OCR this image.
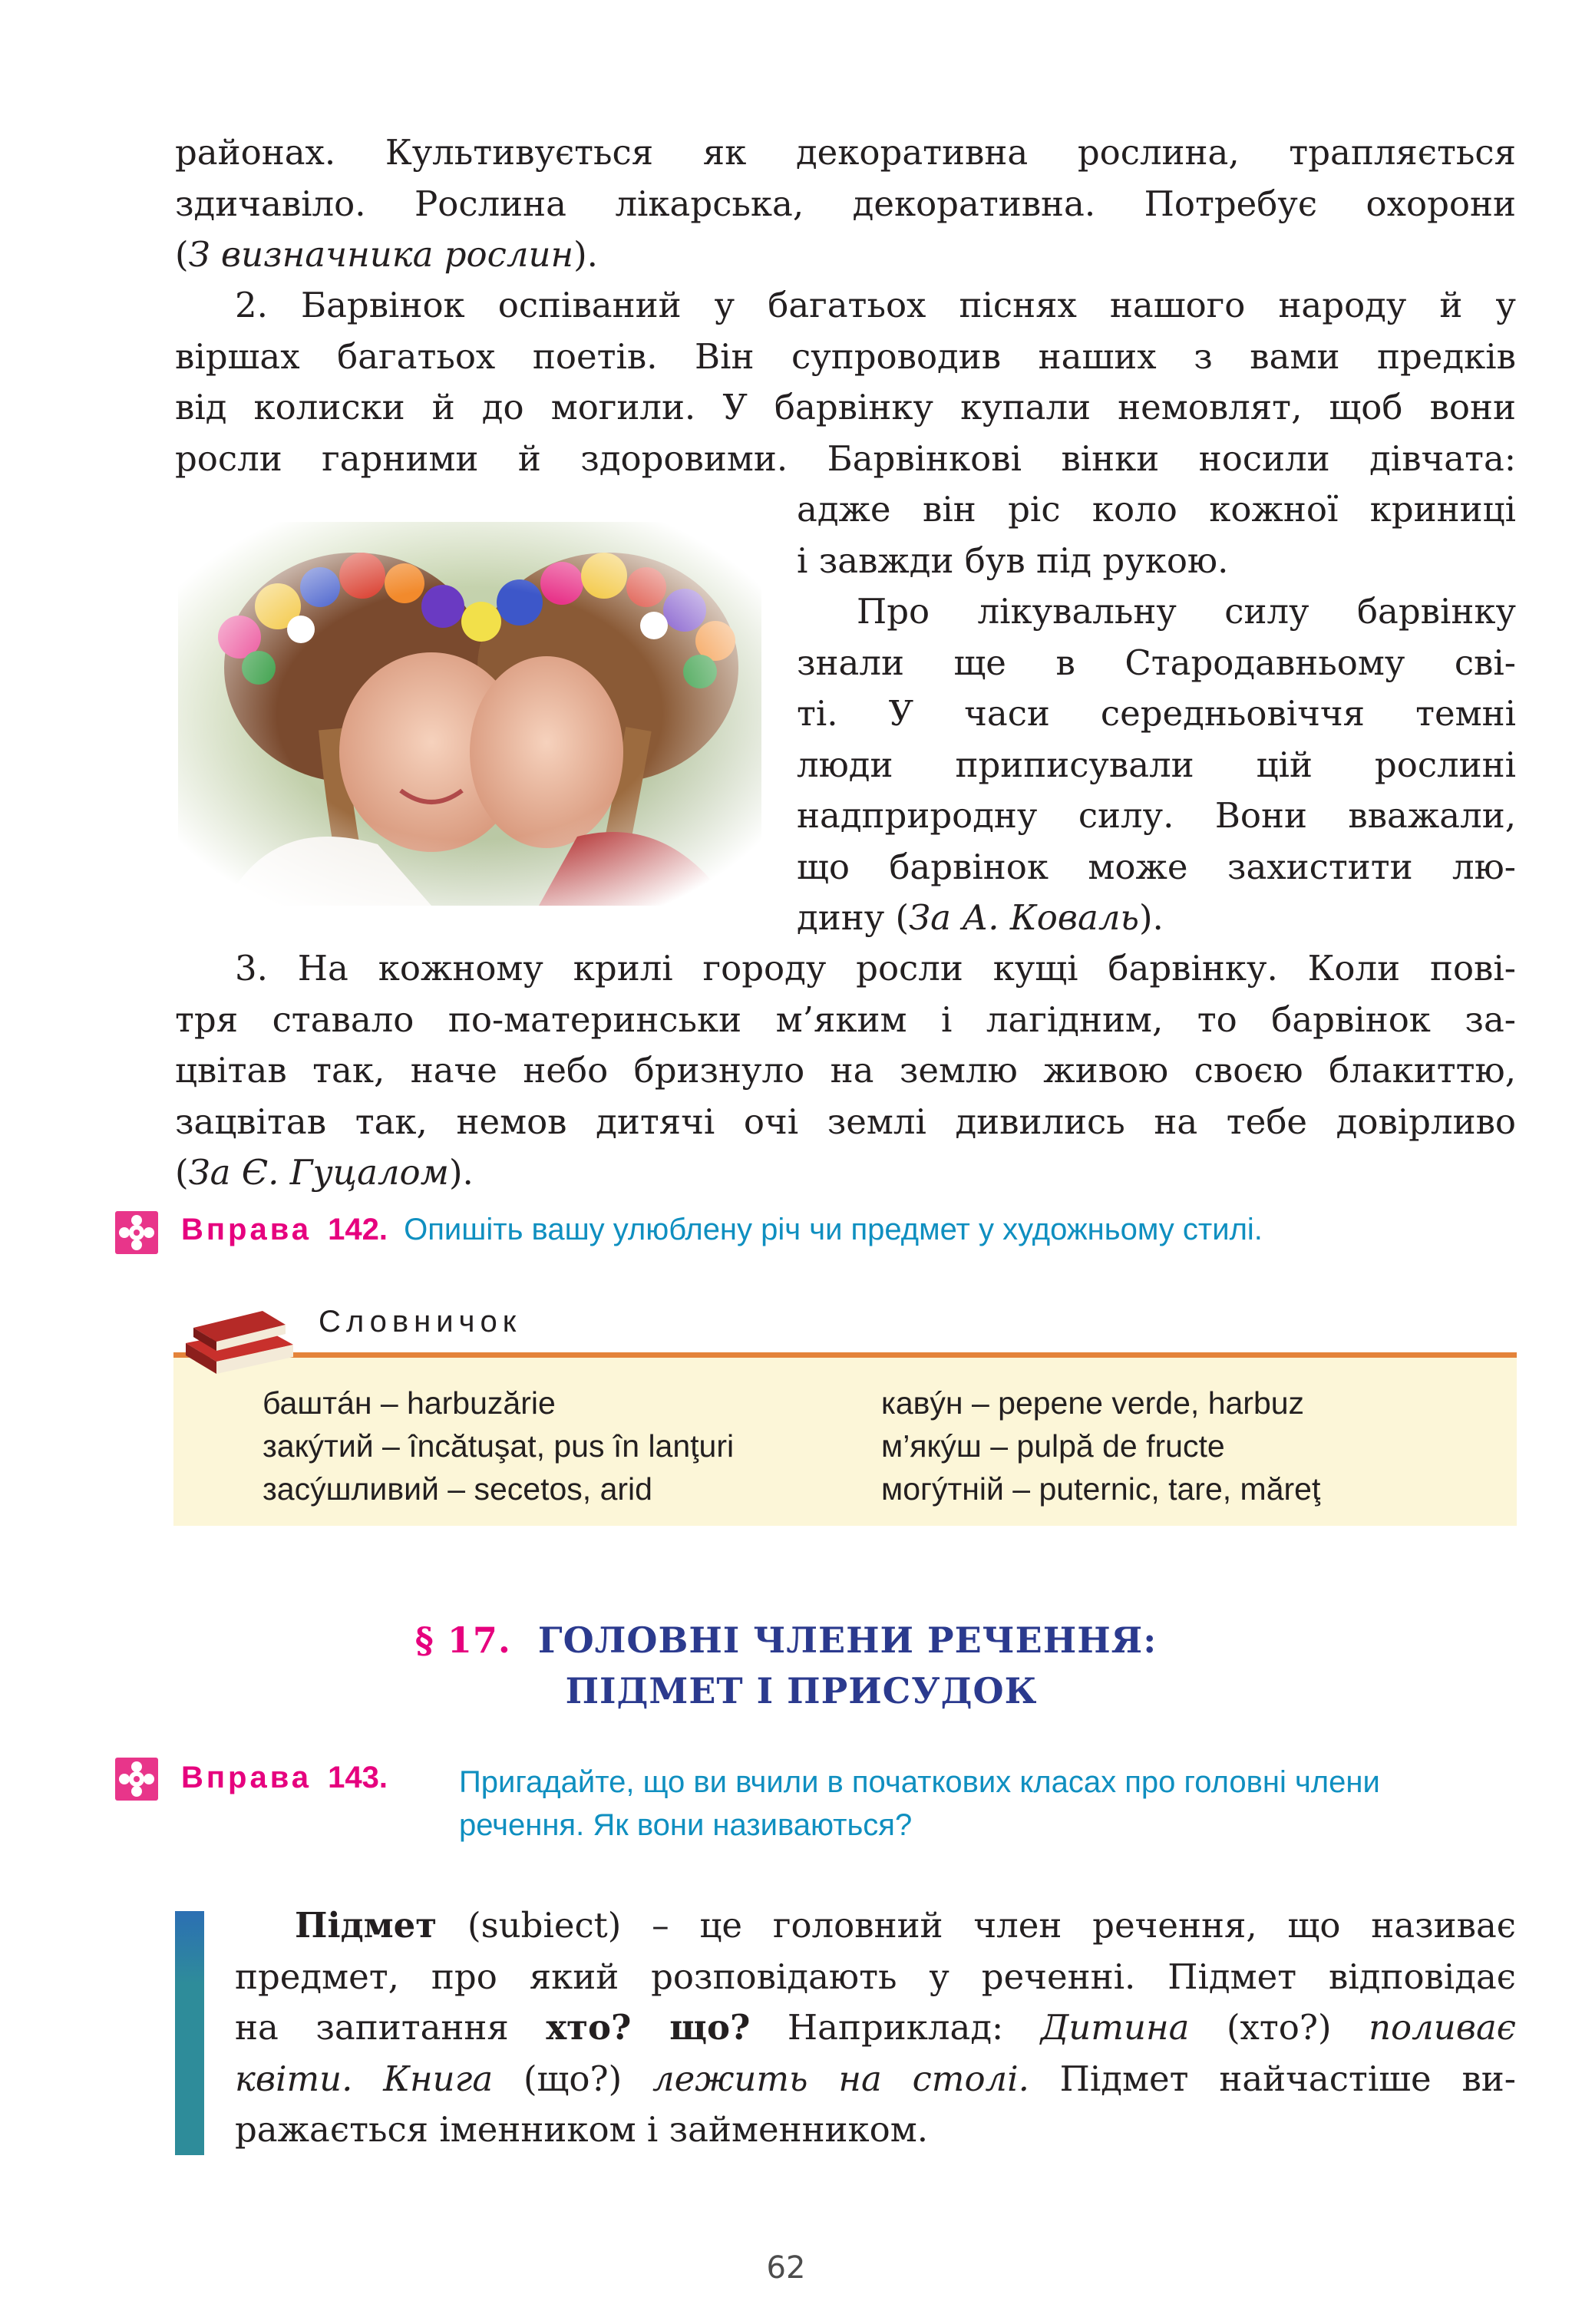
районах. Культивується як декоративна рослина, трапляється
здичавіло. Рослина лікарська, декоративна. Потребує охорони
(З визначника рослин).
2. Барвінок оспіваний у багатьох піснях нашого народу й у
віршах багатьох поетів. Він супроводив наших з вами предків
від колиски й до могили. У барвінку купали немовлят, щоб вони
росли гарними й здоровими. Барвінкові вінки носили дівчата:
адже він ріс коло кожної криниці
і завжди був під рукою.
Про лікувальну силу барвінку
знали ще в Стародавньому сві-
ті. У часи середньовіччя темні
люди приписували цій рослині
надприродну силу. Вони вважали,
що барвінок може захистити лю-
дину (За А. Коваль).
3. На кожному крилі городу росли кущі барвінку. Коли пові-
тря ставало по-материнськи м’яким і лагідним, то барвінок за-
цвітав так, наче небо бризнуло на землю живою своєю блакиттю,
зацвітав так, немов дитячі очі землі дивились на тебе довірливо
(За Є. Гуцалом).
Вправа 142. Опишіть вашу улюблену річ чи предмет у художньому стилі.
Словничок
баштáн – harbuzărie
закýтий – încătuşat, pus în lanţuri
засýшливий – secetos, arid
кавýн – pepene verde, harbuz
м’якýш – pulpă de fructe
могýтній – puternic, tare, măreţ
§ 17. ГОЛОВНІ ЧЛЕНИ РЕЧЕННЯ:
ПІДМЕТ І ПРИСУДОК
Вправа 143. Пригадайте, що ви вчили в початкових класах про головні члени
речення. Як вони називаються?
Підмет (subiect) – це головний член речення, що називає
предмет, про який розповідають у реченні. Підмет відповідає
на запитання хто? що? Наприклад: Дитина (хто?) поливає
квіти. Книга (що?) лежить на столі. Підмет найчастіше ви-
ражається іменником і займенником.
62
